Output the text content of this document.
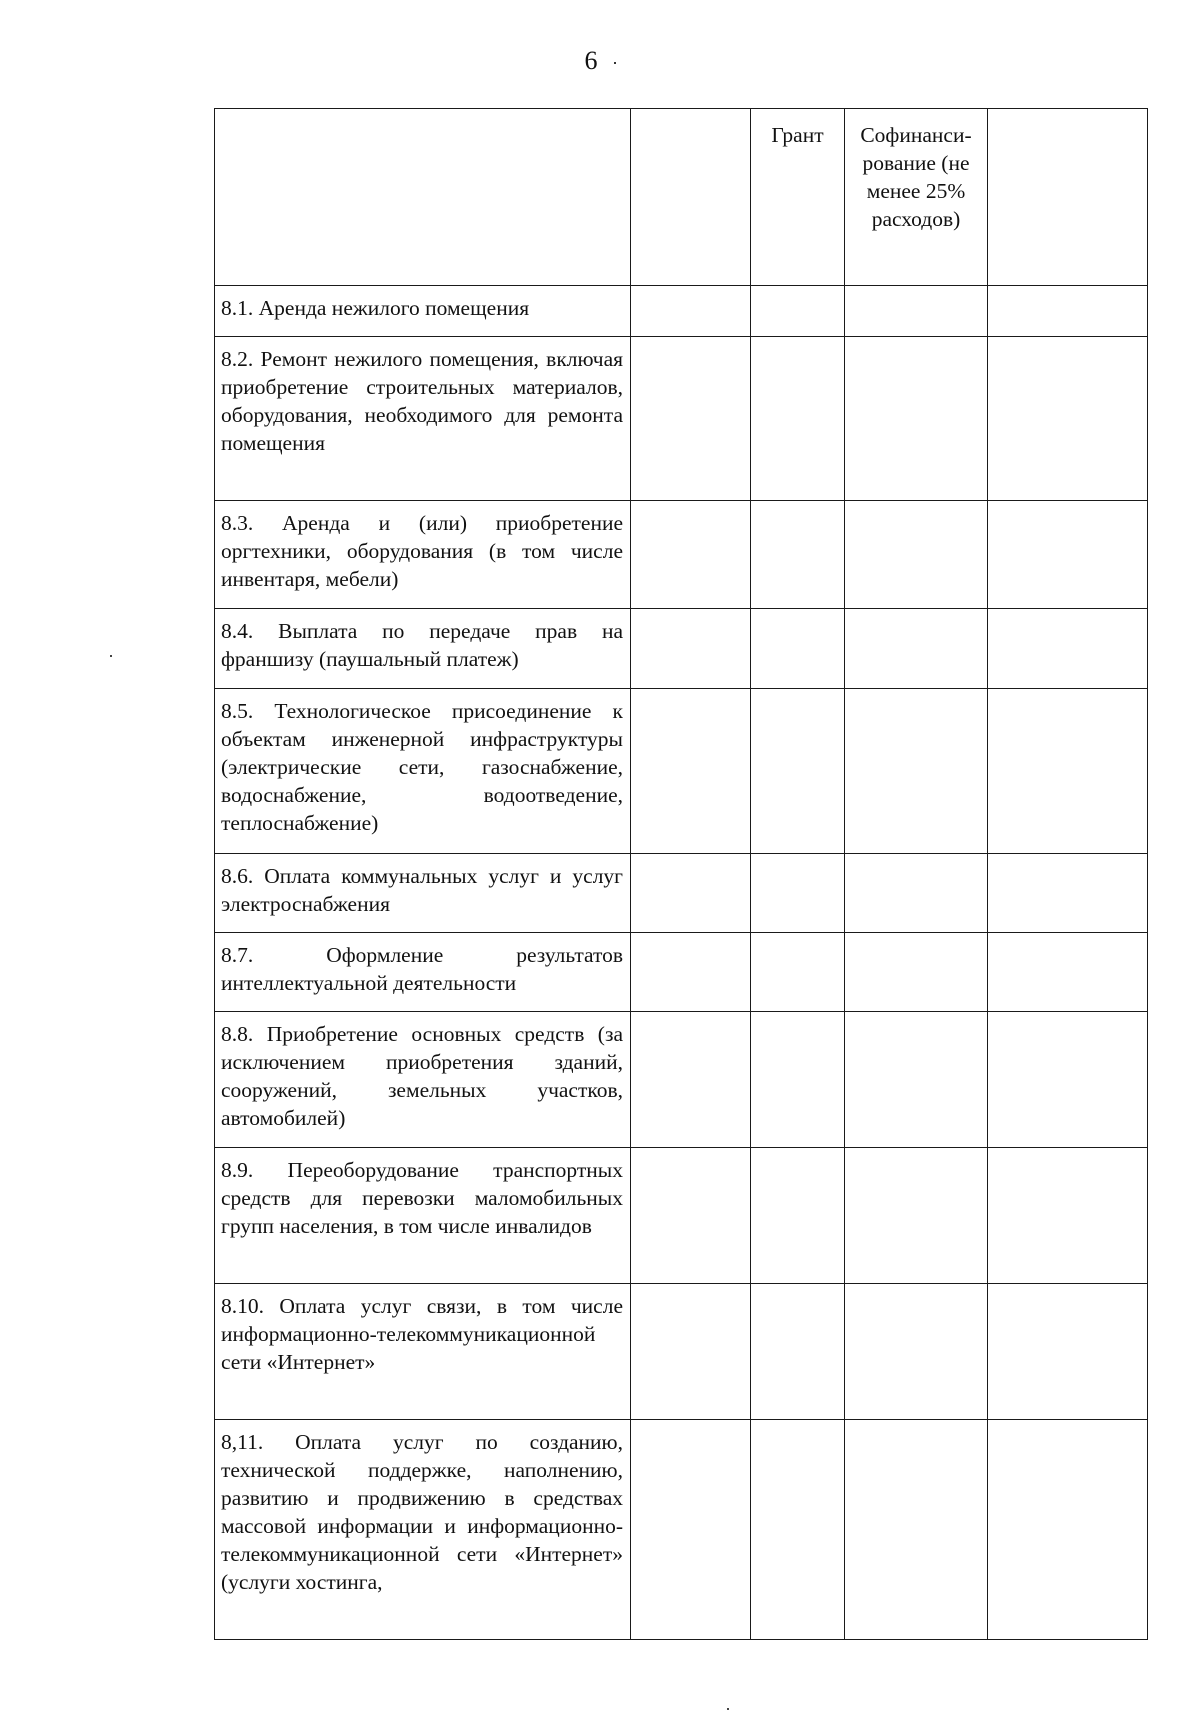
6
		Грант	Софинанси-рование (не менее 25% расходов)	
8.1. Аренда нежилого помещения				
8.2. Ремонт нежилого помещения, включая приобретение строительных материалов, оборудования, необходимого для ремонта помещения				
8.3. Аренда и (или) приобретение оргтехники, оборудования (в том числе инвентаря, мебели)				
8.4. Выплата по передаче прав на франшизу (паушальный платеж)				
8.5. Технологическое присоединение к объектам инженерной инфраструктуры (электрические сети, газоснабжение, водоснабжение, водоотведение, теплоснабжение)				
8.6. Оплата коммунальных услуг и услуг электроснабжения				
8.7. Оформление результатов интеллектуальной деятельности				
8.8. Приобретение основных средств (за исключением приобретения зданий, сооружений, земельных участков, автомобилей)				
8.9. Переоборудование транспортных средств для перевозки маломобильных групп населения, в том числе инвалидов				
8.10. Оплата услуг связи, в том числе информационно-телекоммуникационной сети «Интернет»				
8,11. Оплата услуг по созданию, технической поддержке, наполнению, развитию и продвижению в средствах массовой информации и информационно-телекоммуникационной сети «Интернет» (услуги хостинга,				
